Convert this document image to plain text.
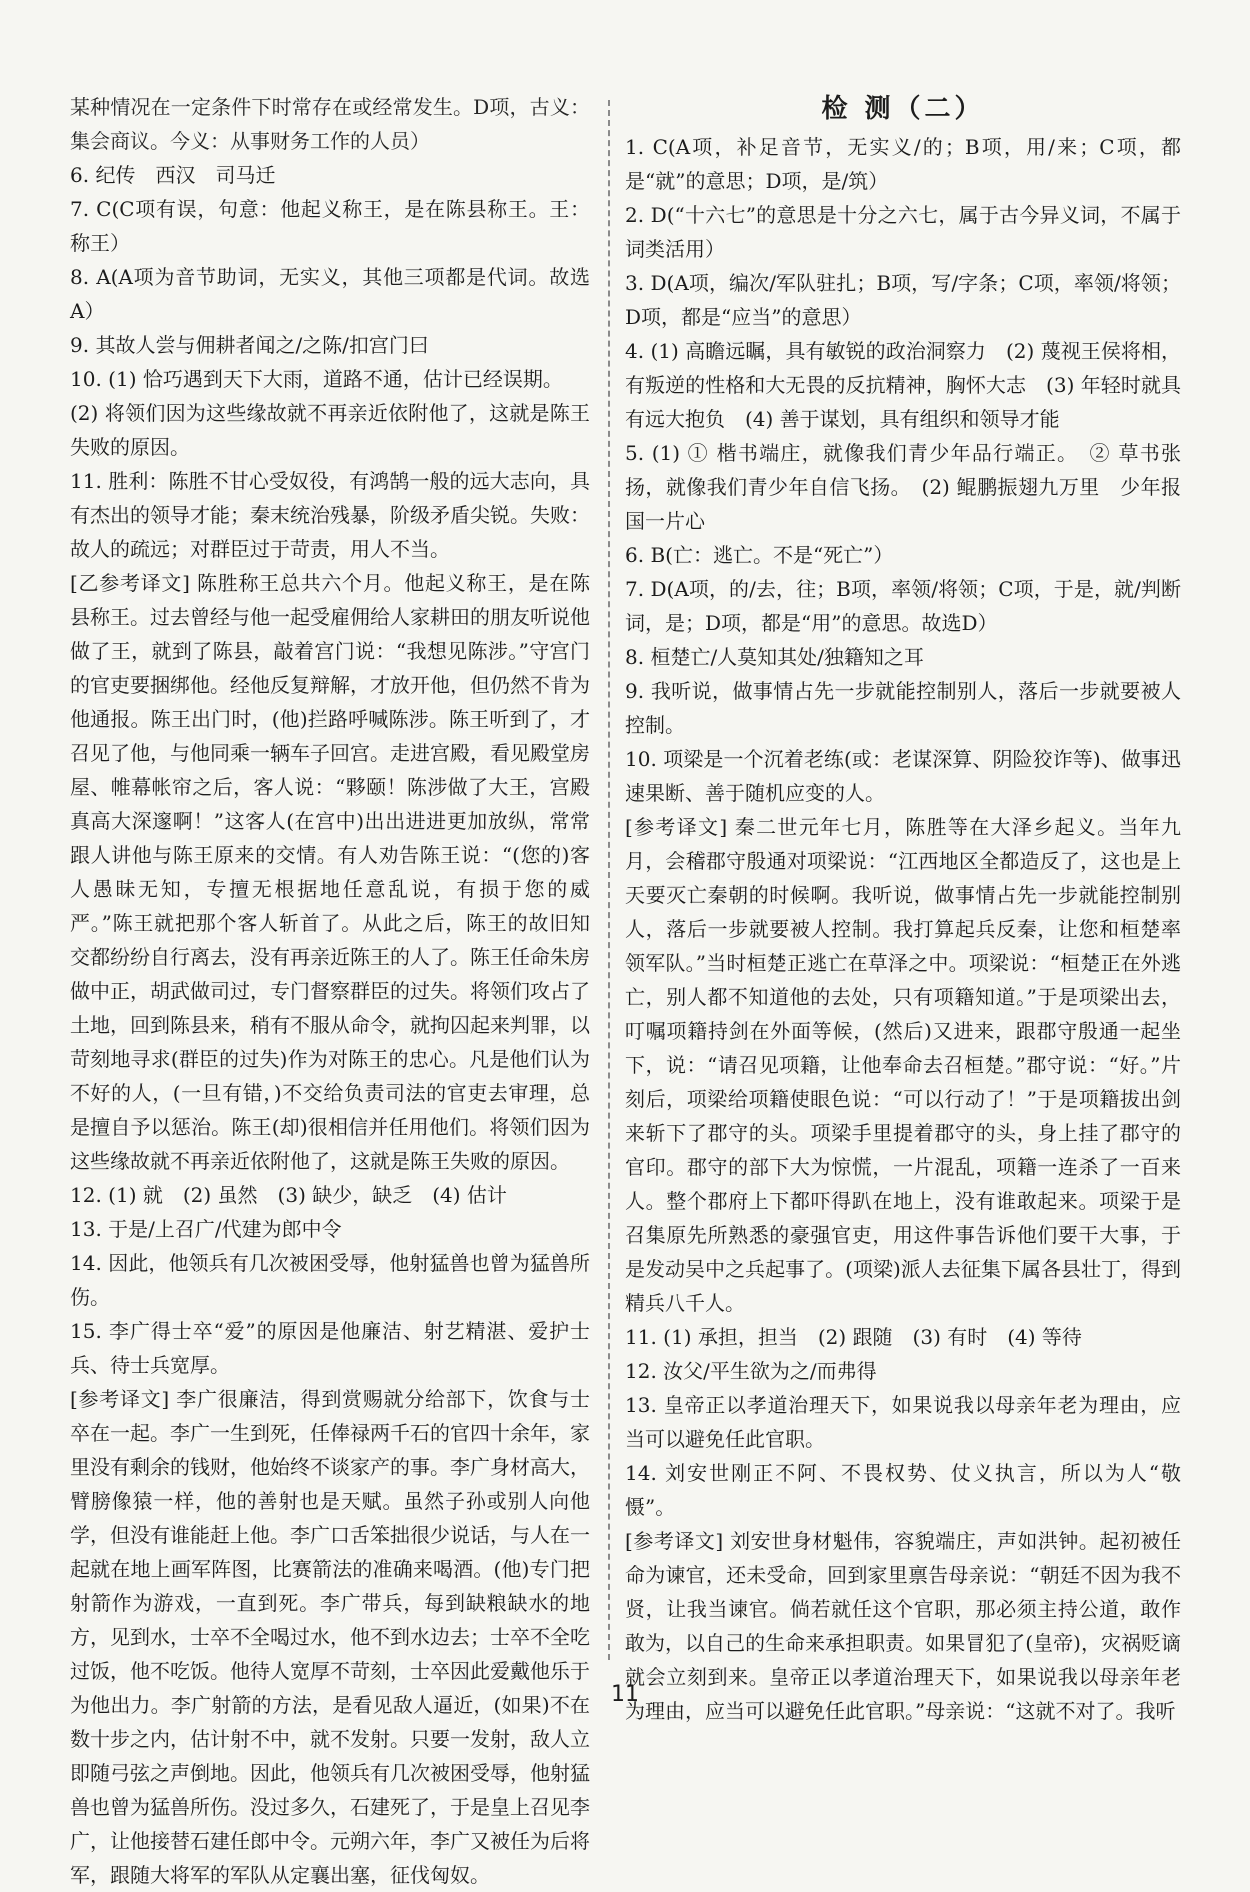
某种情况在一定条件下时常存在或经常发生。D项，古义：集会商议。今义：从事财务工作的人员）

6. 纪传　西汉　司马迁

7. C(C项有误，句意：他起义称王，是在陈县称王。王：称王）

8. A(A项为音节助词，无实义，其他三项都是代词。故选A）

9. 其故人尝与佣耕者闻之/之陈/扣宫门曰

10. (1) 恰巧遇到天下大雨，道路不通，估计已经误期。

(2) 将领们因为这些缘故就不再亲近依附他了，这就是陈王失败的原因。

11. 胜利：陈胜不甘心受奴役，有鸿鹄一般的远大志向，具有杰出的领导才能；秦末统治残暴，阶级矛盾尖锐。失败：故人的疏远；对群臣过于苛责，用人不当。

[乙参考译文] 陈胜称王总共六个月。他起义称王，是在陈县称王。过去曾经与他一起受雇佣给人家耕田的朋友听说他做了王，就到了陈县，敲着宫门说：“我想见陈涉。”守宫门的官吏要捆绑他。经他反复辩解，才放开他，但仍然不肯为他通报。陈王出门时，(他)拦路呼喊陈涉。陈王听到了，才召见了他，与他同乘一辆车子回宫。走进宫殿，看见殿堂房屋、帷幕帐帘之后，客人说：“夥颐！陈涉做了大王，宫殿真高大深邃啊！”这客人(在宫中)出出进进更加放纵，常常跟人讲他与陈王原来的交情。有人劝告陈王说：“(您的)客人愚昧无知，专擅无根据地任意乱说，有损于您的威严。”陈王就把那个客人斩首了。从此之后，陈王的故旧知交都纷纷自行离去，没有再亲近陈王的人了。陈王任命朱房做中正，胡武做司过，专门督察群臣的过失。将领们攻占了土地，回到陈县来，稍有不服从命令，就拘囚起来判罪，以苛刻地寻求(群臣的过失)作为对陈王的忠心。凡是他们认为不好的人，(一旦有错，)不交给负责司法的官吏去审理，总是擅自予以惩治。陈王(却)很相信并任用他们。将领们因为这些缘故就不再亲近依附他了，这就是陈王失败的原因。

12. (1) 就　(2) 虽然　(3) 缺少，缺乏　(4) 估计

13. 于是/上召广/代建为郎中令

14. 因此，他领兵有几次被困受辱，他射猛兽也曾为猛兽所伤。

15. 李广得士卒“爱”的原因是他廉洁、射艺精湛、爱护士兵、待士兵宽厚。

[参考译文] 李广很廉洁，得到赏赐就分给部下，饮食与士卒在一起。李广一生到死，任俸禄两千石的官四十余年，家里没有剩余的钱财，他始终不谈家产的事。李广身材高大，臂膀像猿一样，他的善射也是天赋。虽然子孙或别人向他学，但没有谁能赶上他。李广口舌笨拙很少说话，与人在一起就在地上画军阵图，比赛箭法的准确来喝酒。(他)专门把射箭作为游戏，一直到死。李广带兵，每到缺粮缺水的地方，见到水，士卒不全喝过水，他不到水边去；士卒不全吃过饭，他不吃饭。他待人宽厚不苛刻，士卒因此爱戴他乐于为他出力。李广射箭的方法，是看见敌人逼近，(如果)不在数十步之内，估计射不中，就不发射。只要一发射，敌人立即随弓弦之声倒地。因此，他领兵有几次被困受辱，他射猛兽也曾为猛兽所伤。没过多久，石建死了，于是皇上召见李广，让他接替石建任郎中令。元朔六年，李广又被任为后将军，跟随大将军的军队从定襄出塞，征伐匈奴。

检 测（二）

1. C(A项，补足音节，无实义/的；B项，用/来；C项，都是“就”的意思；D项，是/筑）

2. D(“十六七”的意思是十分之六七，属于古今异义词，不属于词类活用）

3. D(A项，编次/军队驻扎；B项，写/字条；C项，率领/将领；D项，都是“应当”的意思）

4. (1) 高瞻远瞩，具有敏锐的政治洞察力　(2) 蔑视王侯将相，有叛逆的性格和大无畏的反抗精神，胸怀大志　(3) 年轻时就具有远大抱负　(4) 善于谋划，具有组织和领导才能

5. (1) ① 楷书端庄，就像我们青少年品行端正。　② 草书张扬，就像我们青少年自信飞扬。　(2) 鲲鹏振翅九万里　少年报国一片心

6. B(亡：逃亡。不是“死亡”）

7. D(A项，的/去，往；B项，率领/将领；C项，于是，就/判断词，是；D项，都是“用”的意思。故选D）

8. 桓楚亡/人莫知其处/独籍知之耳

9. 我听说，做事情占先一步就能控制别人，落后一步就要被人控制。

10. 项梁是一个沉着老练(或：老谋深算、阴险狡诈等)、做事迅速果断、善于随机应变的人。

[参考译文] 秦二世元年七月，陈胜等在大泽乡起义。当年九月，会稽郡守殷通对项梁说：“江西地区全都造反了，这也是上天要灭亡秦朝的时候啊。我听说，做事情占先一步就能控制别人，落后一步就要被人控制。我打算起兵反秦，让您和桓楚率领军队。”当时桓楚正逃亡在草泽之中。项梁说：“桓楚正在外逃亡，别人都不知道他的去处，只有项籍知道。”于是项梁出去，叮嘱项籍持剑在外面等候，(然后)又进来，跟郡守殷通一起坐下，说：“请召见项籍，让他奉命去召桓楚。”郡守说：“好。”片刻后，项梁给项籍使眼色说：“可以行动了！”于是项籍拔出剑来斩下了郡守的头。项梁手里提着郡守的头，身上挂了郡守的官印。郡守的部下大为惊慌，一片混乱，项籍一连杀了一百来人。整个郡府上下都吓得趴在地上，没有谁敢起来。项梁于是召集原先所熟悉的豪强官吏，用这件事告诉他们要干大事，于是发动吴中之兵起事了。(项梁)派人去征集下属各县壮丁，得到精兵八千人。

11. (1) 承担，担当　(2) 跟随　(3) 有时　(4) 等待

12. 汝父/平生欲为之/而弗得

13. 皇帝正以孝道治理天下，如果说我以母亲年老为理由，应当可以避免任此官职。

14. 刘安世刚正不阿、不畏权势、仗义执言，所以为人“敬慑”。

[参考译文] 刘安世身材魁伟，容貌端庄，声如洪钟。起初被任命为谏官，还未受命，回到家里禀告母亲说：“朝廷不因为我不贤，让我当谏官。倘若就任这个官职，那必须主持公道，敢作敢为，以自己的生命来承担职责。如果冒犯了(皇帝)，灾祸贬谪就会立刻到来。皇帝正以孝道治理天下，如果说我以母亲年老为理由，应当可以避免任此官职。”母亲说：“这就不对了。我听

11
